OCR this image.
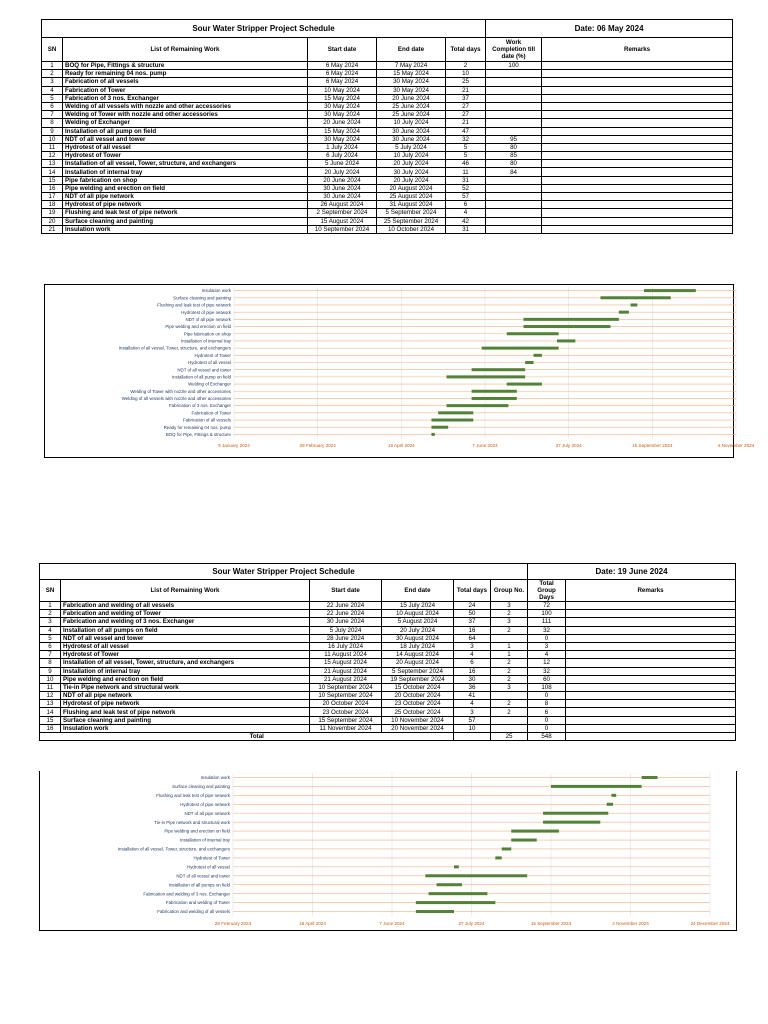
Sour Water Stripper Project Schedule					Date: 06 May 2024	
SN	List of Remaining Work	Start date	End date	Total days	Work Completion till date (%)	Remarks
1	BOQ for Pipe, Fittings & structure	6 May 2024	7 May 2024	2	100	
2	Ready for remaining 04 nos. pump	6 May 2024	15 May 2024	10		
3	Fabrication of all vessels	6 May 2024	30 May 2024	25		
4	Fabrication of Tower	10 May 2024	30 May 2024	21		
5	Fabrication of 3 nos. Exchanger	15 May 2024	20 June 2024	37		
6	Welding of all vessels with nozzle and other accessories	30 May 2024	25 June 2024	27		
7	Welding of Tower with nozzle and other accessories	30 May 2024	25 June 2024	27		
8	Welding of Exchanger	20 June 2024	10 July 2024	21		
9	Installation of all pump on field	15 May 2024	30 June 2024	47		
10	NDT of all vessel and tower	30 May 2024	30 June 2024	32	95	
11	Hydrotest of all vessel	1 July 2024	5 July 2024	5	80	
12	Hydrotest of Tower	6 July 2024	10 July 2024	5	85	
13	Installation of all vessel, Tower, structure, and exchangers	5 June 2024	20 July 2024	46	80	
14	Installation of internal tray	20 July 2024	30 July 2024	11	84	
15	Pipe fabrication on shop	20 June 2024	20 July 2024	31		
16	Pipe welding and erection on field	30 June 2024	20 August 2024	52		
17	NDT of all pipe network	30 June 2024	25 August 2024	57		
18	Hydrotest of pipe network	26 August 2024	31 August 2024	6		
19	Flushing and leak test of pipe network	2 September 2024	5 September 2024	4		
20	Surface cleaning and painting	15 August 2024	25 September 2024	42		
21	Insulation work	10 September 2024	10 October 2024	31		
Insulation work
Surface cleaning and painting
Flushing and leak test of pipe network
Hydrotest of pipe network
NDT of all pipe network
Pipe welding and erection on field
Pipe fabrication on shop
Installation of internal tray
Installation of all vessel, Tower, structure, and exchangers
Hydrotest of Tower
Hydrotest of all vessel
NDT of all vessel and tower
Installation of all pump on field
Welding of Exchanger
Welding of Tower with nozzle and other accessories
Welding of all vessels with nozzle and other accessories
Fabrication of 3 nos. Exchanger
Fabrication of Tower
Fabrication of all vessels
Ready for remaining 04 nos. pump
BOQ for Pipe, Fittings & structure
9 January 2024	28 February 2024	18 April 2024	7 June 2024	27 July 2024	15 September 2024	4 November 2024
Sour Water Stripper Project Schedule						Date: 19 June 2024	
SN	List of Remaining Work	Start date	End date	Total days	Group No.	Total Group Days	Remarks
1	Fabrication and welding of all vessels	22 June 2024	15 July 2024	24	3	72	
2	Fabrication and welding of Tower	22 June 2024	10 August 2024	50	2	100	
3	Fabrication and welding of 3 nos. Exchanger	30 June 2024	5 August 2024	37	3	111	
4	Installation of all pumps on field	5 July 2024	20 July 2024	16	2	32	
5	NDT of all vessel and tower	28 June 2024	30 August 2024	64		0	
6	Hydrotest of all vessel	16 July 2024	18 July 2024	3	1	3	
7	Hydrotest of Tower	11 August 2024	14 August 2024	4	1	4	
8	Installation of all vessel, Tower, structure, and exchangers	15 August 2024	20 August 2024	6	2	12	
9	Installation of internal tray	21 August 2024	5 September 2024	16	2	32	
10	Pipe welding and erection on field	21 August 2024	19 September 2024	30	2	60	
11	Tie-in Pipe network and structural work	10 September 2024	15 October 2024	36	3	108	
12	NDT of all pipe network	10 September 2024	20 October 2024	41		0	
13	Hydrotest of pipe network	20 October 2024	23 October 2024	4	2	8	
14	Flushing and leak test of pipe network	23 October 2024	25 October 2024	3	2	6	
15	Surface cleaning and painting	15 September 2024	10 November 2024	57		0	
16	Insulation work	11 November 2024	20 November 2024	10		0	
	Total				25	548	
Insulation work
Surface cleaning and painting
Flushing and leak test of pipe network
Hydrotest of pipe network
NDT of all pipe network
Tie-in Pipe network and structural work
Pipe welding and erection on field
Installation of internal tray
Installation of all vessel, Tower, structure, and exchangers
Hydrotest of Tower
Hydrotest of all vessel
NDT of all vessel and tower
Installation of all pumps on field
Fabrication and welding of 3 nos. Exchanger
Fabrication and welding of Tower
Fabrication and welding of all vessels
28 February 2024	18 April 2024	7 June 2024	27 July 2024	15 September 2024	4 November 2024	24 December 2024
